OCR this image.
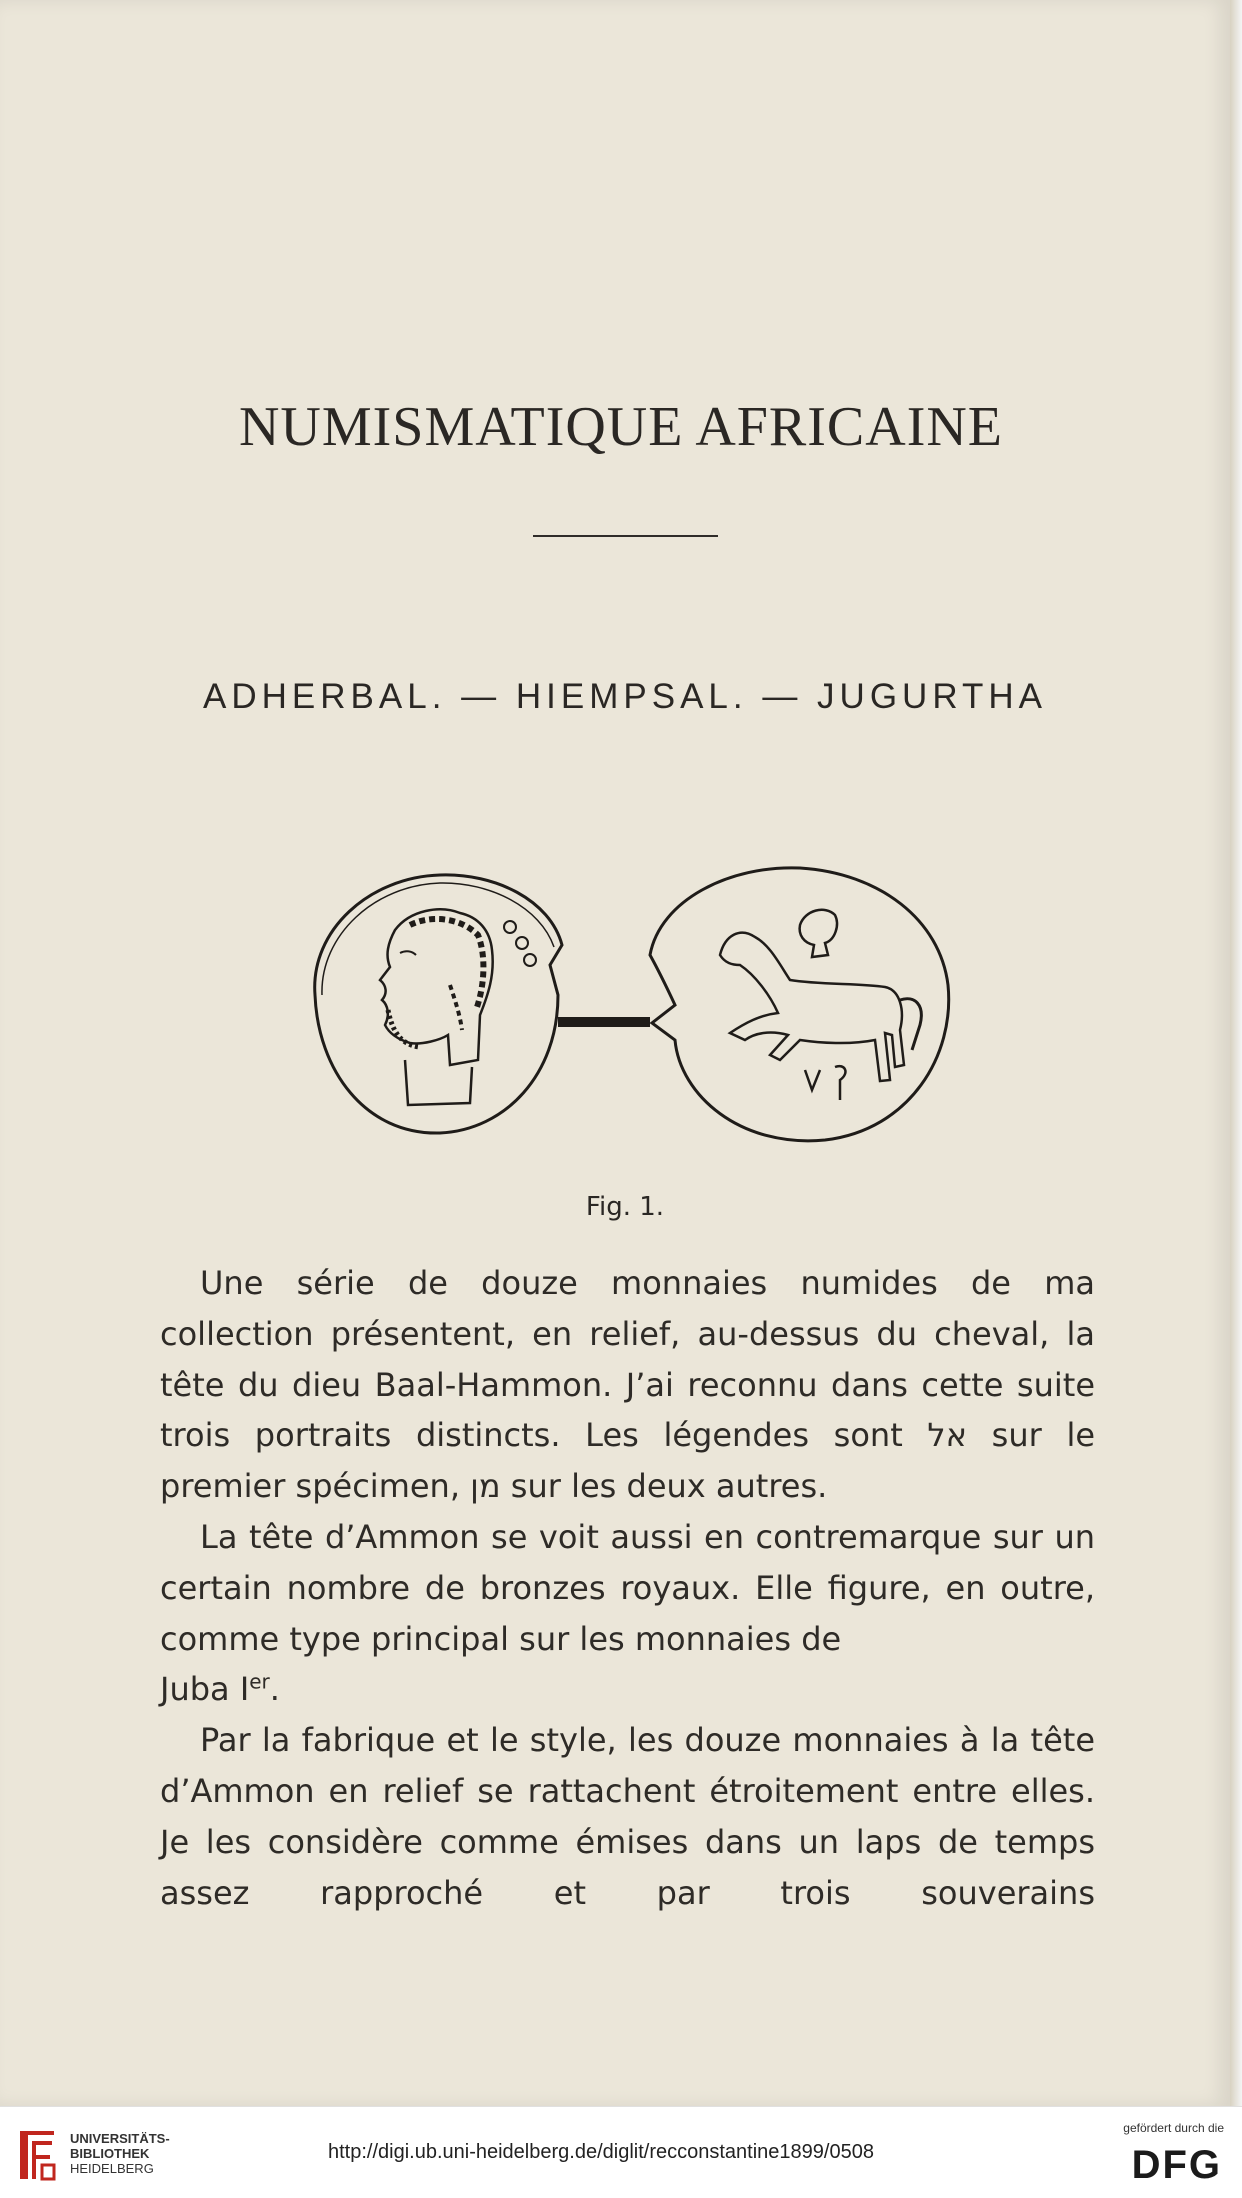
NUMISMATIQUE AFRICAINE
ADHERBAL. — HIEMPSAL. — JUGURTHA
Fig. 1.

Une série de douze monnaies numides de ma collection présentent, en relief, au-dessus du cheval, la tête du dieu Baal-Hammon. J’ai reconnu dans cette suite trois portraits distincts. Les légendes sont אל sur le premier spécimen, מן sur les deux autres.

La tête d’Ammon se voit aussi en contremarque sur un certain nombre de bronzes royaux. Elle figure, en outre, comme type principal sur les monnaies de
Juba Ier.

Par la fabrique et le style, les douze monnaies à la tête d’Ammon en relief se rattachent étroitement entre elles. Je les considère comme émises dans un laps de temps assez rapproché et par trois souverains

UNIVERSITÄTS-
BIBLIOTHEK
HEIDELBERG
http://digi.ub.uni-heidelberg.de/diglit/recconstantine1899/0508
gefördert durch die
DFG
